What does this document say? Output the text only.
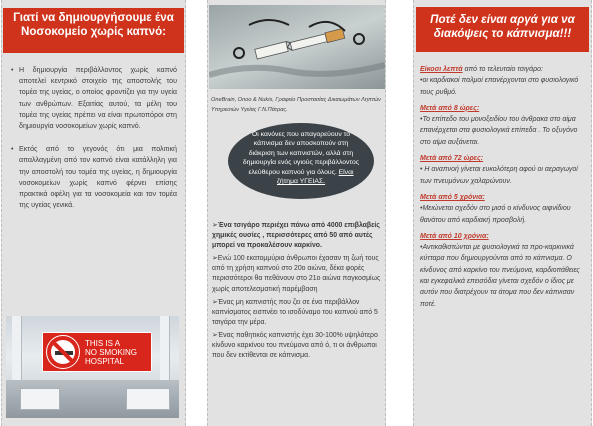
Γιατί να δημιουργήσουμε ένα Νοσοκομείο χωρίς καπνό:
• Η δημιουργία περιβάλλοντος χωρίς καπνό αποτελεί κεντρικό στοιχείο της αποστολής του τομέα της υγείας, ο οποίος φροντίζει για την υγεία των ανθρώπων. Εξαιτίας αυτού, τα μέλη του τομέα της υγείας πρέπει να είναι πρωτοπόροι στη δημιουργία νοσοκομείων χωρίς καπνό.
• Εκτός από το γεγονός ότι μια πολιτική απαλλαγμένη από τον καπνό είναι κατάλληλη για την αποστολή του τομέα της υγείας, η δημιουργία νοσοκομείων χωρίς καπνό φέρνει επίσης πρακτικά οφέλη για τα νοσοκομεία και τον τομέα της υγείας γενικά.
THIS IS A
NO SMOKING
HOSPITAL
OneBrain, Onoo & Nukis, Γραφείο Προστασίας Δικαιωμάτων Ληπτών Υπηρεσιών Υγείας Γ.Ν.Πάτρας.
Οι κανόνες που απαγορεύουν το κάπνισμα δεν αποσκοπούν στη διάκριση των καπνιστών, αλλά στη δημιουργία ενός υγιούς περιβάλλοντος ελεύθερου καπνού για όλους. Είναι ζήτημα ΥΓΕΙΑΣ.

➢Ένα τσιγάρο περιέχει πάνω από 4000 επιβλαβείς χημικές ουσίες , περισσότερες από 50 από αυτές μπορεί να προκαλέσουν καρκίνο.

➢Ενώ 100 εκατομμύρια άνθρωποι έχασαν τη ζωή τους από τη χρήση καπνού στο 20ο αιώνα, δέκα φορές περισσότεροι θα πεθάνουν στο 21ο αιώνα παγκοσμίως χωρίς αποτελεσματική παρέμβαση

➢Ένας μη καπνιστής που ζει σε ένα περιβάλλον καπνίσματος εισπνέει το ισοδύναμο του καπνού από 5 τσιγάρα την μέρα.

➢Ένας παθητικός καπνιστής έχει 30-100% υψηλότερο κίνδυνο καρκίνου του πνεύμονα από ό, τι οι άνθρωποι που δεν εκτίθενται σε κάπνισμα.

Ποτέ δεν είναι αργά για να διακόψεις το κάπνισμα!!!

Είκοσι λεπτά από το τελευταίο τσιγάρο:

•οι καρδιακοί παλμοί επανέρχονται στο φυσιολογικό τους ρυθμό.

Μετά από 8 ώρες:

•Το επίπεδο του μονοξειδίου του άνθρακα στο αίμα επανέρχεται στα φυσιολογικά επίπεδα . Το οξυγόνο στο αίμα αυξάνεται.

Μετά από 72 ώρες:

• Η αναπνοή γίνεται ευκολότερη αφού οι αεραγωγοί των πνευμόνων χαλαρώνουν.

Μετά από 5 χρόνια:

•Μειώνεται σχεδόν στο μισό ο κίνδυνος αιφνίδιου θανάτου από καρδιακή προσβολή.

Μετά από 10 χρόνια:

•Αντικαθιστώνται με φυσιολογικά τα προ-καρκινικά κύτταρα που δημιουργούνται από το κάπνισμα. Ο κίνδυνος από καρκίνο του πνεύμονα, καρδιοπάθειες και εγκεφαλικά επεισόδια γίνεται σχεδόν ο ίδιος με αυτόν που διατρέχουν τα άτομα που δεν κάπνισαν ποτέ.
